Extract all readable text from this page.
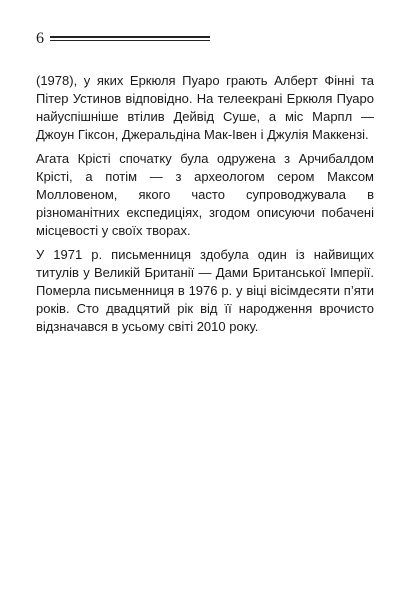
6

(1978), у яких Еркюля Пуаро грають Алберт Фінні та Пітер Устинов відповідно. На телеекрані Еркюля Пуаро найуспішніше втілив Дейвід Суше, а міс Марпл — Джоун Гіксон, Джеральдіна Мак-Івен і Джулія Маккензі.

Агата Крісті спочатку була одружена з Арчибалдом Крісті, а потім — з археологом сером Максом Молловеном, якого часто супроводжувала в різноманітних експедиціях, згодом описуючи побачені місцевості у своїх творах.

У 1971 р. письменниця здобула один із найвищих титулів у Великій Британії — Дами Британської Імперії. Померла письменниця в 1976 р. у віці вісімдесяти п’яти років. Сто двадцятий рік від її народження врочисто відзначався в усьому світі 2010 року.
